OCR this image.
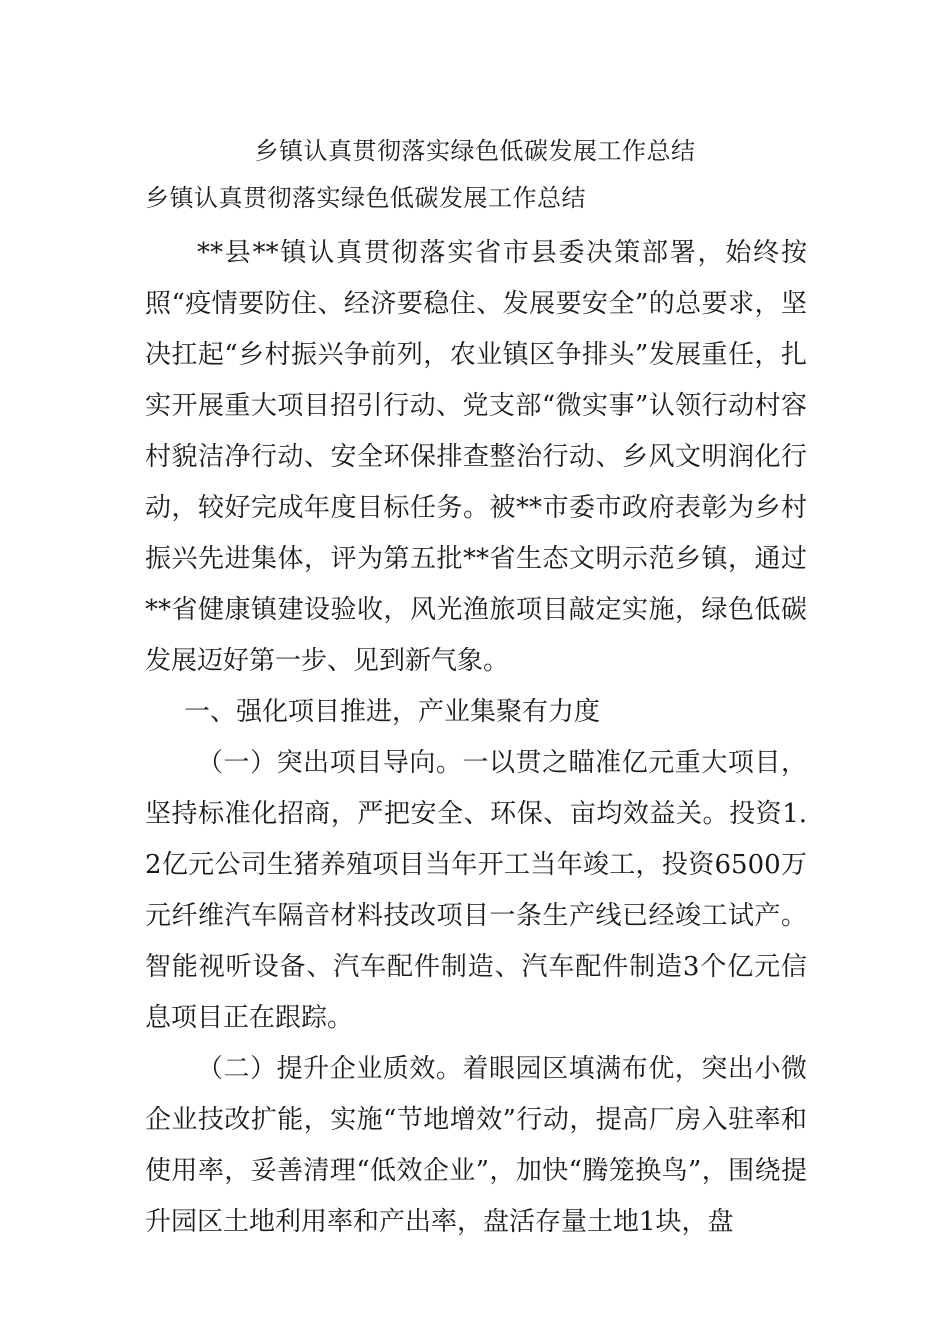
乡镇认真贯彻落实绿色低碳发展工作总结
乡镇认真贯彻落实绿色低碳发展工作总结

**县**镇认真贯彻落实省市县委决策部署，始终按照“疫情要防住、经济要稳住、发展要安全”的总要求，坚决扛起“乡村振兴争前列，农业镇区争排头”发展重任，扎实开展重大项目招引行动、党支部“微实事”认领行动村容村貌洁净行动、安全环保排查整治行动、乡风文明润化行动，较好完成年度目标任务。被**市委市政府表彰为乡村振兴先进集体，评为第五批**省生态文明示范乡镇，通过**省健康镇建设验收，风光渔旅项目敲定实施，绿色低碳发展迈好第一步、见到新气象。

一、强化项目推进，产业集聚有力度

（一）突出项目导向。一以贯之瞄准亿元重大项目，坚持标准化招商，严把安全、环保、亩均效益关。投资1.2亿元公司生猪养殖项目当年开工当年竣工，投资6500万元纤维汽车隔音材料技改项目一条生产线已经竣工试产。智能视听设备、汽车配件制造、汽车配件制造3个亿元信息项目正在跟踪。

（二）提升企业质效。着眼园区填满布优，突出小微企业技改扩能，实施“节地增效”行动，提高厂房入驻率和使用率，妥善清理“低效企业”，加快“腾笼换鸟”，围绕提升园区土地利用率和产出率，盘活存量土地1块，盘
